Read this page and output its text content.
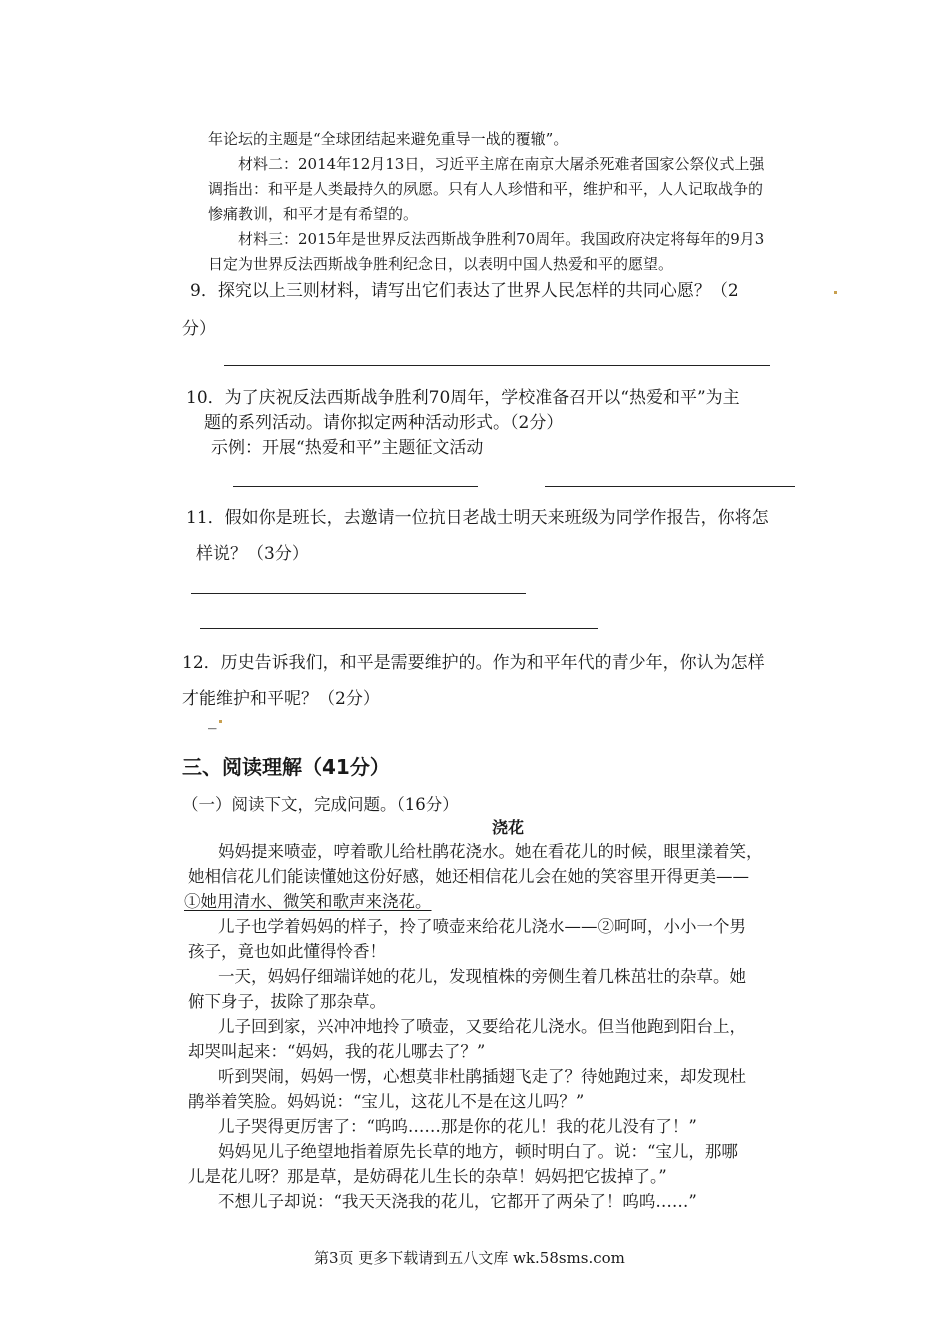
年论坛的主题是“全球团结起来避免重导一战的覆辙”。

材料二：2014年12月13日，习近平主席在南京大屠杀死难者国家公祭仪式上强

调指出：和平是人类最持久的夙愿。只有人人珍惜和平，维护和平，人人记取战争的

惨痛教训，和平才是有希望的。

材料三：2015年是世界反法西斯战争胜利70周年。我国政府决定将每年的9月3

日定为世界反法西斯战争胜利纪念日，以表明中国人热爱和平的愿望。

9．探究以上三则材料，请写出它们表达了世界人民怎样的共同心愿？（2

分）

10．为了庆祝反法西斯战争胜利70周年，学校准备召开以“热爱和平”为主

题的系列活动。请你拟定两种活动形式。（2分）

示例：开展“热爱和平”主题征文活动

11．假如你是班长，去邀请一位抗日老战士明天来班级为同学作报告，你将怎

样说？（3分）

12．历史告诉我们，和平是需要维护的。作为和平年代的青少年，你认为怎样

才能维护和平呢？（2分）

_

三、阅读理解（41分）

（一）阅读下文，完成问题。（16分）

浇花

妈妈提来喷壶，哼着歌儿给杜鹃花浇水。她在看花儿的时候，眼里漾着笑，

她相信花儿们能读懂她这份好感，她还相信花儿会在她的笑容里开得更美——

①她用清水、微笑和歌声来浇花。

儿子也学着妈妈的样子，拎了喷壶来给花儿浇水——②呵呵，小小一个男

孩子，竟也如此懂得怜香！

一天，妈妈仔细端详她的花儿，发现植株的旁侧生着几株茁壮的杂草。她

俯下身子，拔除了那杂草。

儿子回到家，兴冲冲地拎了喷壶，又要给花儿浇水。但当他跑到阳台上，

却哭叫起来：“妈妈，我的花儿哪去了？”

听到哭闹，妈妈一愣，心想莫非杜鹃插翅飞走了？待她跑过来，却发现杜

鹃举着笑脸。妈妈说：“宝儿，这花儿不是在这儿吗？”

儿子哭得更厉害了：“呜呜……那是你的花儿！我的花儿没有了！”

妈妈见儿子绝望地指着原先长草的地方，顿时明白了。说：“宝儿，那哪

儿是花儿呀？那是草，是妨碍花儿生长的杂草！妈妈把它拔掉了。”

不想儿子却说：“我天天浇我的花儿，它都开了两朵了！呜呜……”

第3页 更多下载请到五八文库 wk.58sms.com
